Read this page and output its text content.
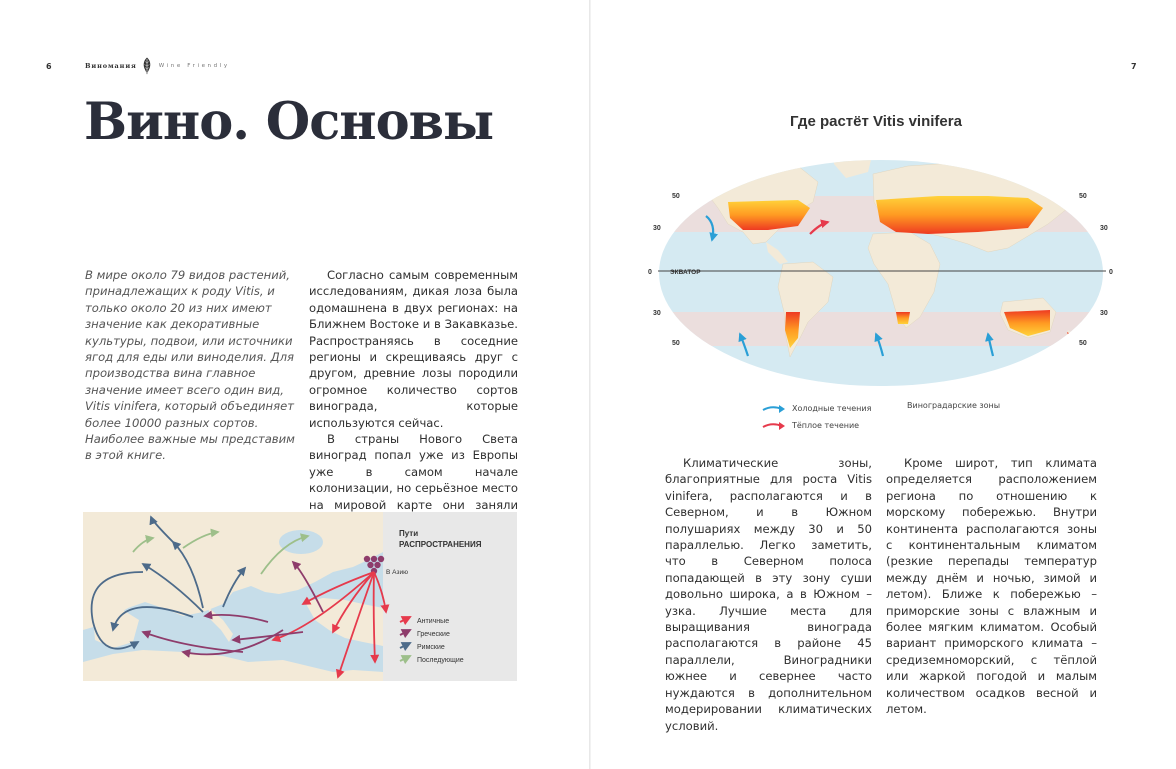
6	Виномания	Wine Friendly
Вино. Основы

В мире около 79 видов растений, принадлежащих к роду Vitis, и только около 20 из них имеют значение как декоративные культуры, подвои, или источники ягод для еды или виноделия. Для производства вина главное значение имеет всего один вид, Vitis vinifera, который объединяет более 10000 разных сортов. Наиболее важные мы представим в этой книге.

Согласно самым современным исследованиям, дикая лоза была одомашнена в двух регионах: на Ближнем Востоке и в Закавказье. Распространяясь в соседние регионы и скрещиваясь друг с другом, древние лозы породили огромное количество сортов винограда, которые используются сейчас.
В страны Нового Света виноград попал уже из Европы уже в самом начале колонизации, но серьёзное место на мировой карте они заняли
Пути
РАСПРОСТРАНЕНИЯ
В Азию
Античные
Греческие
Римские
Последующие
7
Где растёт Vitis vinifera
50
30
0
30
50
50
30
0
30
50
ЭКВАТОР
Холодные течения
Тёплое течение
Виноградарские зоны
Климатические зоны, благоприятные для роста Vitis vinifera, располагаются и в Северном, и в Южном полушариях между 30 и 50 параллелью. Легко заметить, что в Северном полоса попадающей в эту зону суши довольно широка, а в Южном – узка. Лучшие места для выращивания винограда располагаются в районе 45 параллели, Виноградники южнее и севернее часто нуждаются в дополнительном модерировании климатических условий.
Кроме широт, тип климата определяется расположением региона по отношению к морскому побережью. Внутри континента располагаются зоны с континентальным климатом (резкие перепады температур между днём и ночью, зимой и летом). Ближе к побережью – приморские зоны с влажным и более мягким климатом. Особый вариант приморского климата – средиземноморский, с тёплой или жаркой погодой и малым количеством осадков весной и летом.
